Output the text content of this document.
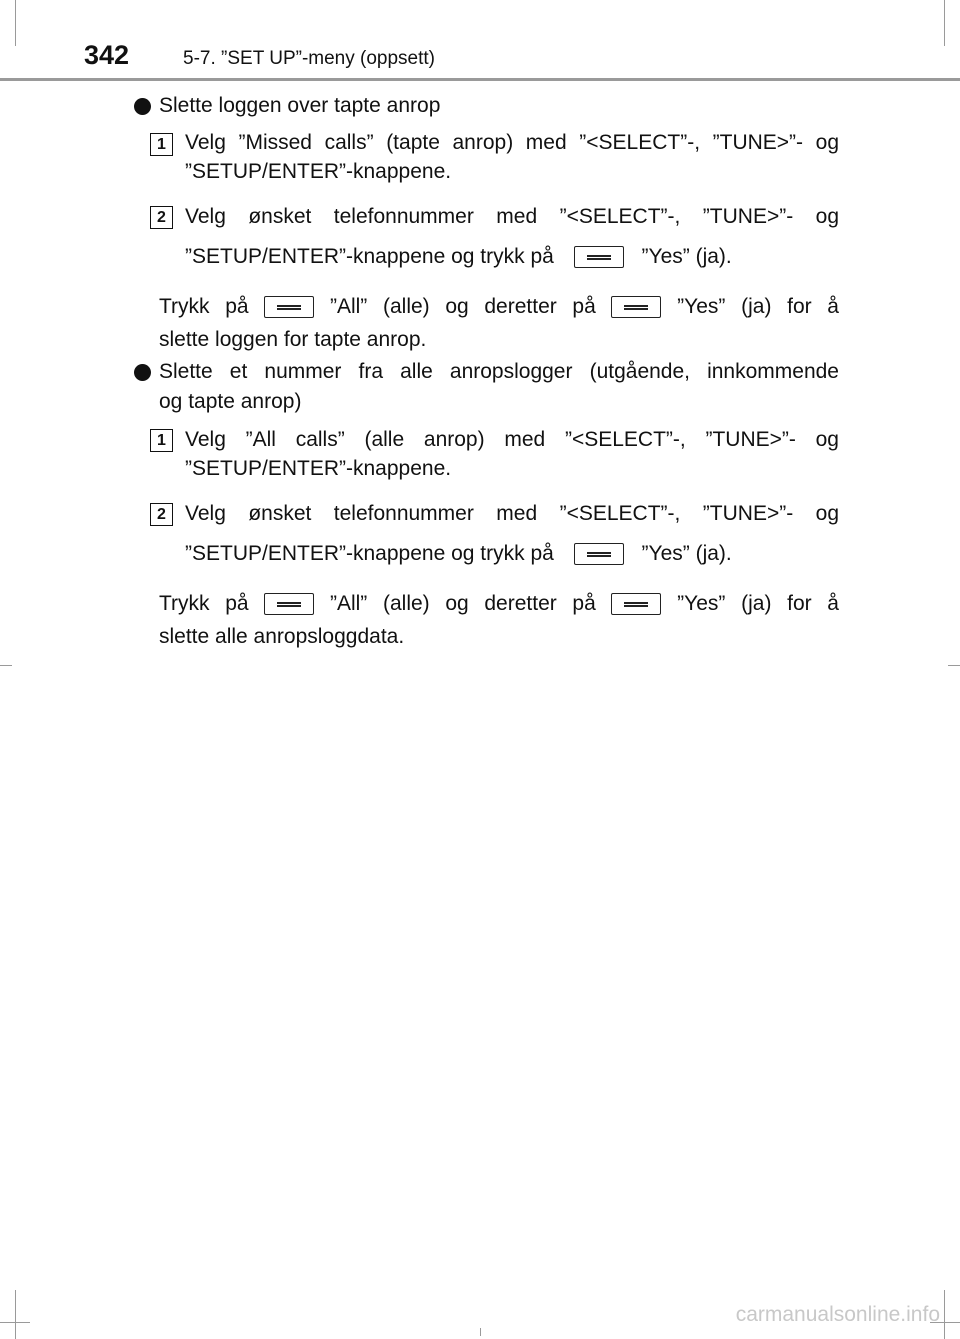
342	5-7. ”SET UP”-meny (oppsett)
Slette loggen over tapte anrop
1 Velg ”Missed calls” (tapte anrop) med ”<SELECT”-, ”TUNE>”- og
”SETUP/ENTER”-knappene.
2 Velg ønsket telefonnummer med ”<SELECT”-, ”TUNE>”- og
”SETUP/ENTER”-knappene og trykk på	”Yes” (ja).
Trykk på	”All” (alle) og deretter på	”Yes” (ja) for å
slette loggen for tapte anrop.
Slette et nummer fra alle anropslogger (utgående, innkommende
og tapte anrop)
1 Velg ”All calls” (alle anrop) med ”<SELECT”-, ”TUNE>”- og
”SETUP/ENTER”-knappene.
2 Velg ønsket telefonnummer med ”<SELECT”-, ”TUNE>”- og
”SETUP/ENTER”-knappene og trykk på	”Yes” (ja).
Trykk på	”All” (alle) og deretter på	”Yes” (ja) for å
slette alle anropsloggdata.
carmanualsonline.info
